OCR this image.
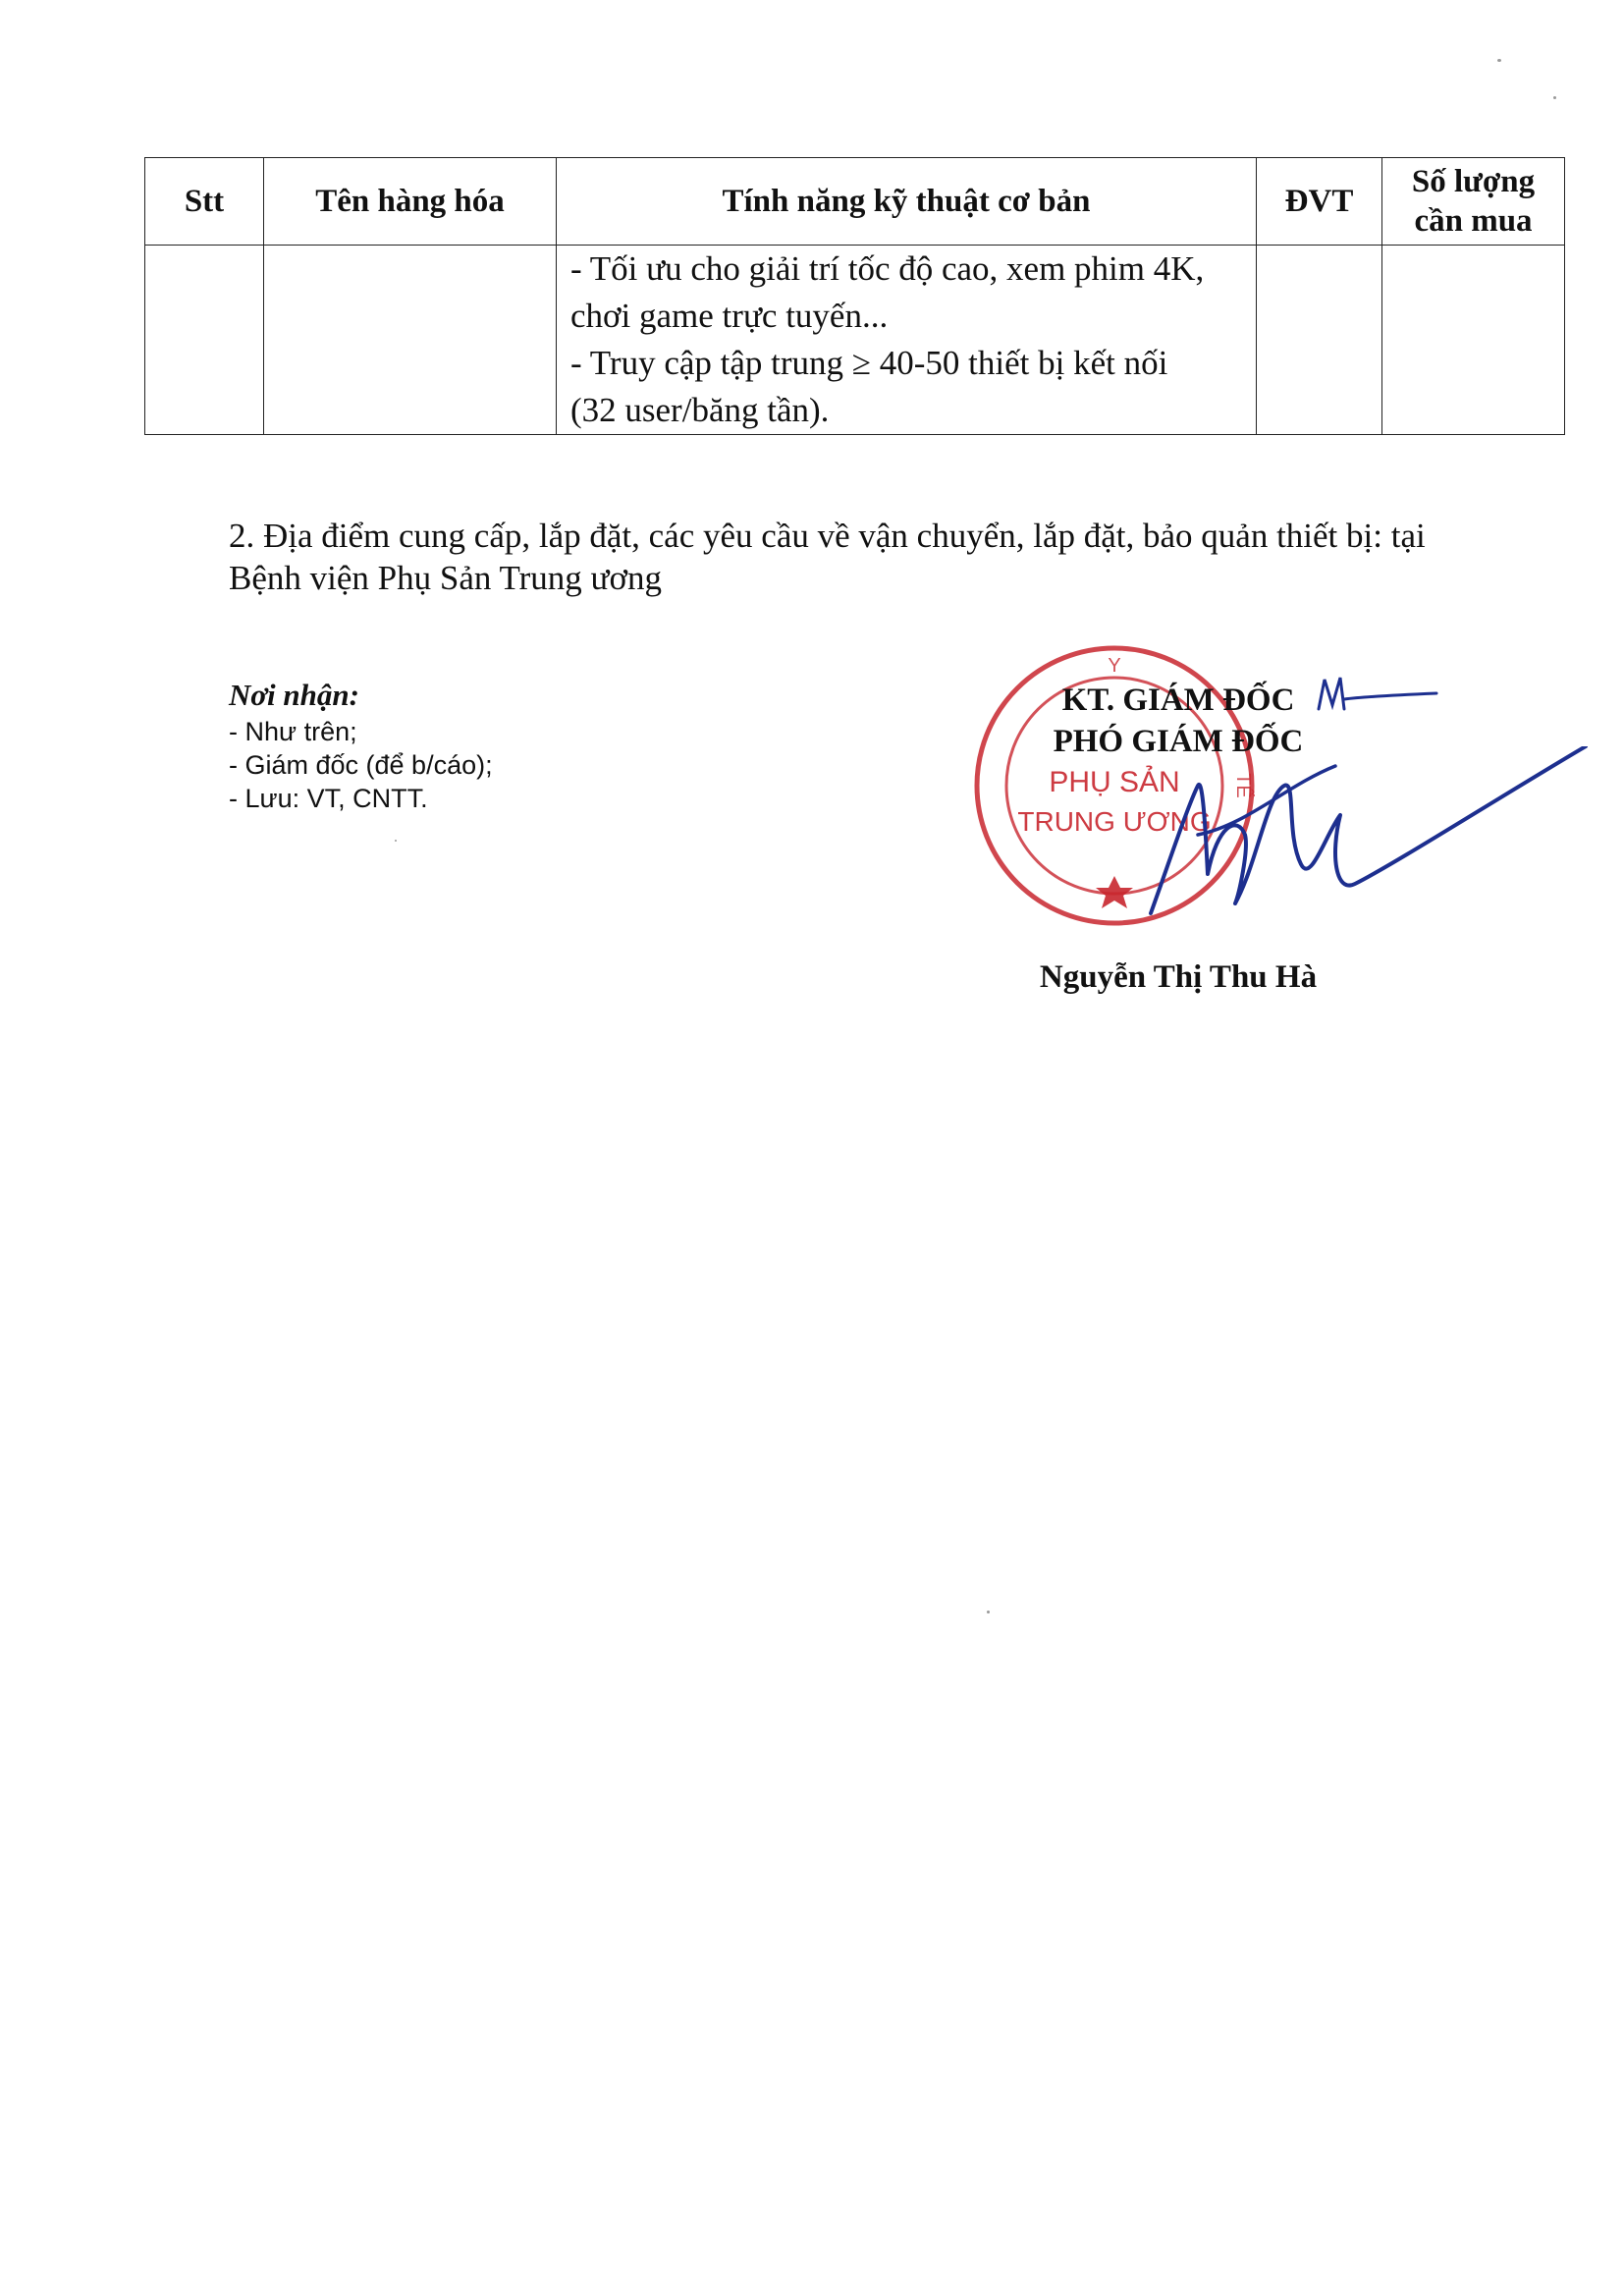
Stt	Tên hàng hóa	Tính năng kỹ thuật cơ bản	ĐVT	Số lượng
cần mua

		- Tối ưu cho giải trí tốc độ cao, xem phim 4K,
chơi game trực tuyến...
- Truy cập tập trung ≥ 40-50 thiết bị kết nối
(32 user/băng tần).		

2. Địa điểm cung cấp, lắp đặt, các yêu cầu về vận chuyển, lắp đặt, bảo quản thiết bị: tại
Bệnh viện Phụ Sản Trung ương
Nơi nhận:
- Như trên;
- Giám đốc (để b/cáo);
- Lưu: VT, CNTT.
Y
TẾ
PHỤ SẢN
TRUNG ƯƠNG
KT. GIÁM ĐỐC
PHÓ GIÁM ĐỐC
Nguyễn Thị Thu Hà
